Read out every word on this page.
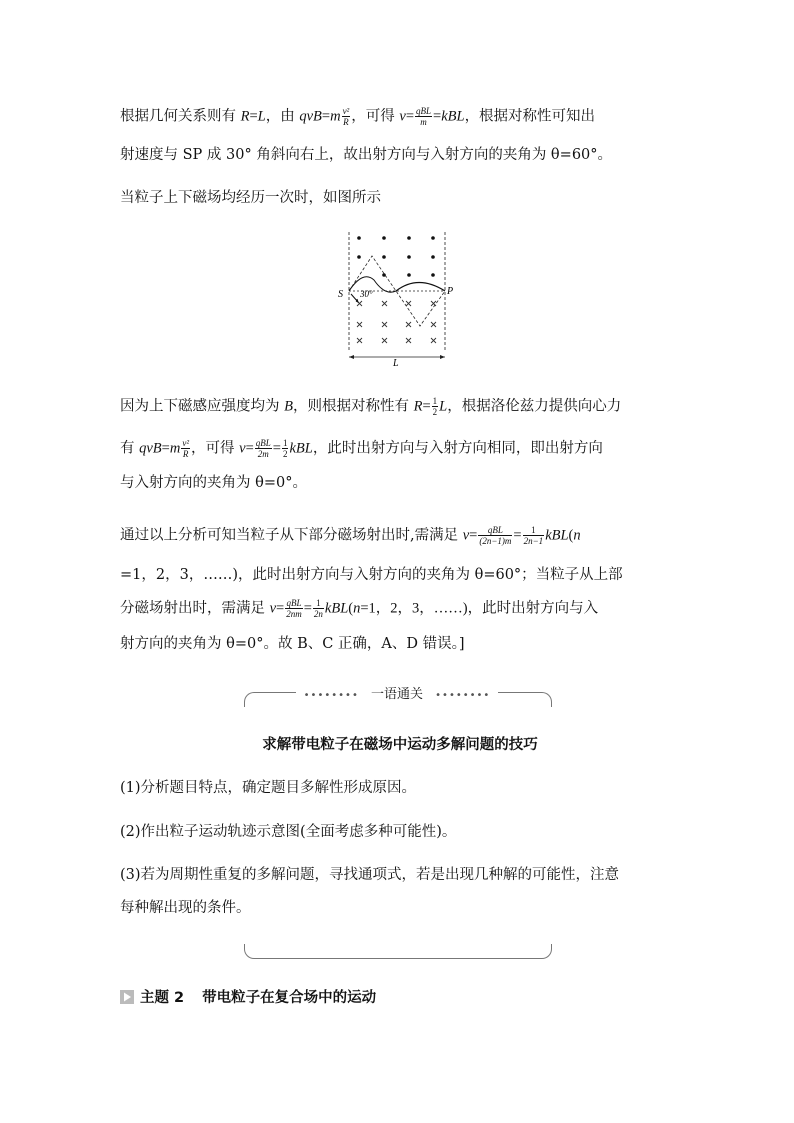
根据几何关系则有 R=L，由 $qvB=m \frac{\text{v²}}{R}$ ，可得 $v= \frac{\text{qBL}}{m} =kBL$，根据对称性可知出
射速度与 SP 成 30° 角斜向右上，故出射方向与入射方向的夹角为 θ=60°。
当粒子上下磁场均经历一次时，如图所示
S	P
30°
L
因为上下磁感应强度均为 B，则根据对称性有 $R= \frac{1}{2}$ L，根据洛伦兹力提供向心力
有 $qvB=m \frac{\text{v²}}{R}$ ，可得 $v= \frac{\text{qBL}}{2m} = \frac{1}{2}$ kBL，此时出射方向与入射方向相同，即出射方向
与入射方向的夹角为 θ=0°。
通过以上分析可知当粒子从下部分磁场射出时,需满足 $v= \frac{\text{qBL}}{(2n-1)m} = \frac{1}{2n-1} kBL(n$
=1，2，3，……)，此时出射方向与入射方向的夹角为 θ=60°；当粒子从上部
分磁场射出时，需满足 $v= \frac{\text{qBL}}{2nm} = \frac{1}{2n} kBL(n=1$，2，3，……)，此时出射方向与入
射方向的夹角为 θ=0°。故 B、C 正确，A、D 错误。]
•••••••• 一语通关 ••••••••
求解带电粒子在磁场中运动多解问题的技巧
(1)分析题目特点，确定题目多解性形成原因。
(2)作出粒子运动轨迹示意图(全面考虑多种可能性)。
(3)若为周期性重复的多解问题，寻找通项式，若是出现几种解的可能性，注意
每种解出现的条件。
主题 2 带电粒子在复合场中的运动
